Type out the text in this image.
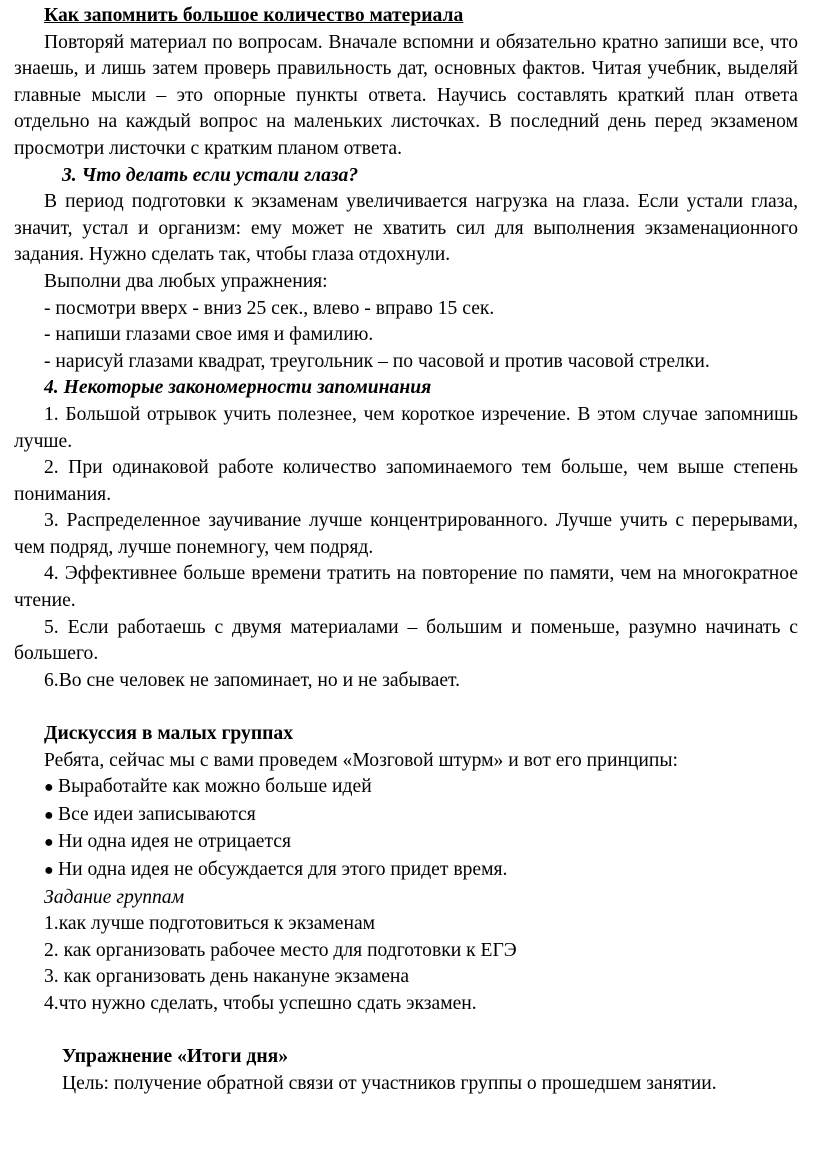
Как запомнить большое количество материала

Повторяй материал по вопросам. Вначале вспомни и обязательно кратно запиши все, что знаешь, и лишь затем проверь правильность дат, основных фактов. Читая учебник, выделяй главные мысли – это опорные пункты ответа. Научись составлять краткий план ответа отдельно на каждый вопрос на маленьких листочках. В последний день перед экзаменом просмотри листочки с кратким планом ответа.

3. Что делать если устали глаза?

В период подготовки к экзаменам увеличивается нагрузка на глаза. Если устали глаза, значит, устал и организм: ему может не хватить сил для выполнения экзаменационного задания. Нужно сделать так, чтобы глаза отдохнули.

Выполни два любых упражнения:

- посмотри вверх - вниз 25 сек., влево - вправо 15 сек.

- напиши глазами свое имя и фамилию.

- нарисуй глазами квадрат, треугольник – по часовой и против часовой стрелки.

4. Некоторые закономерности запоминания

1. Большой отрывок учить полезнее, чем короткое изречение. В этом случае запомнишь лучше.

2. При одинаковой работе количество запоминаемого тем больше, чем выше степень понимания.

3. Распределенное заучивание лучше концентрированного. Лучше учить с перерывами, чем подряд, лучше понемногу, чем подряд.

4. Эффективнее больше времени тратить на повторение по памяти, чем на многократное чтение.

5. Если работаешь с двумя материалами – большим и поменьше, разумно начинать с большего.

6.Во сне человек не запоминает, но и не забывает.

Дискуссия в малых группах

Ребята, сейчас мы с вами проведем «Мозговой штурм» и вот его принципы:

● Выработайте как можно больше идей

● Все идеи записываются

● Ни одна идея не отрицается

● Ни одна идея не обсуждается для этого придет время.

Задание группам

1.как лучше подготовиться к экзаменам

2. как организовать рабочее место для подготовки к ЕГЭ

3. как организовать день накануне экзамена

4.что нужно сделать, чтобы успешно сдать экзамен.

Упражнение «Итоги дня»

Цель: получение обратной связи от участников группы о прошедшем занятии.
